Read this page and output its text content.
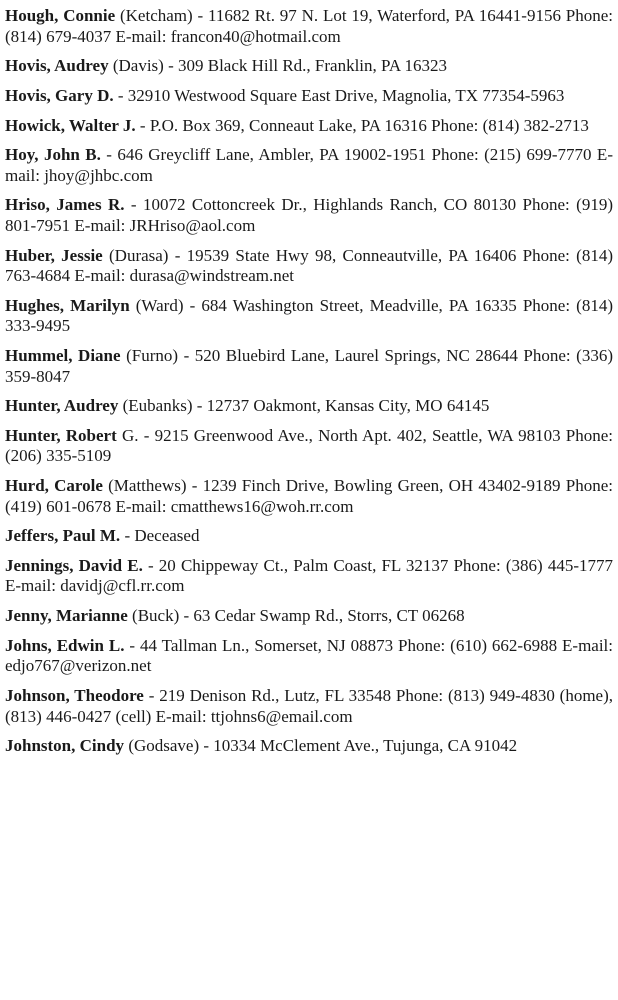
Hough, Connie (Ketcham) - 11682 Rt. 97 N. Lot 19, Waterford, PA 16441-9156 Phone: (814) 679-4037 E-mail: francon40@hotmail.com

Hovis, Audrey (Davis) - 309 Black Hill Rd., Franklin, PA 16323

Hovis, Gary D. - 32910 Westwood Square East Drive, Magnolia, TX 77354-5963

Howick, Walter J. - P.O. Box 369, Conneaut Lake, PA 16316 Phone: (814) 382-2713

Hoy, John B. - 646 Greycliff Lane, Ambler, PA 19002-1951 Phone: (215) 699-7770 E-mail: jhoy@jhbc.com

Hriso, James R. - 10072 Cottoncreek Dr., Highlands Ranch, CO 80130 Phone: (919) 801-7951 E-mail: JRHriso@aol.com

Huber, Jessie (Durasa) - 19539 State Hwy 98, Conneautville, PA 16406 Phone: (814) 763-4684 E-mail: durasa@windstream.net

Hughes, Marilyn (Ward) - 684 Washington Street, Meadville, PA 16335 Phone: (814) 333-9495

Hummel, Diane (Furno) - 520 Bluebird Lane, Laurel Springs, NC 28644 Phone: (336) 359-8047

Hunter, Audrey (Eubanks) - 12737 Oakmont, Kansas City, MO 64145

Hunter, Robert G. - 9215 Greenwood Ave., North Apt. 402, Seattle, WA 98103 Phone: (206) 335-5109

Hurd, Carole (Matthews) - 1239 Finch Drive, Bowling Green, OH 43402-9189 Phone: (419) 601-0678 E-mail: cmatthews16@woh.rr.com

Jeffers, Paul M. - Deceased

Jennings, David E. - 20 Chippeway Ct., Palm Coast, FL 32137 Phone: (386) 445-1777 E-mail: davidj@cfl.rr.com

Jenny, Marianne (Buck) - 63 Cedar Swamp Rd., Storrs, CT 06268

Johns, Edwin L. - 44 Tallman Ln., Somerset, NJ 08873 Phone: (610) 662-6988 E-mail: edjo767@verizon.net

Johnson, Theodore - 219 Denison Rd., Lutz, FL 33548 Phone: (813) 949-4830 (home), (813) 446-0427 (cell) E-mail: ttjohns6@email.com

Johnston, Cindy (Godsave) - 10334 McClement Ave., Tujunga, CA 91042
